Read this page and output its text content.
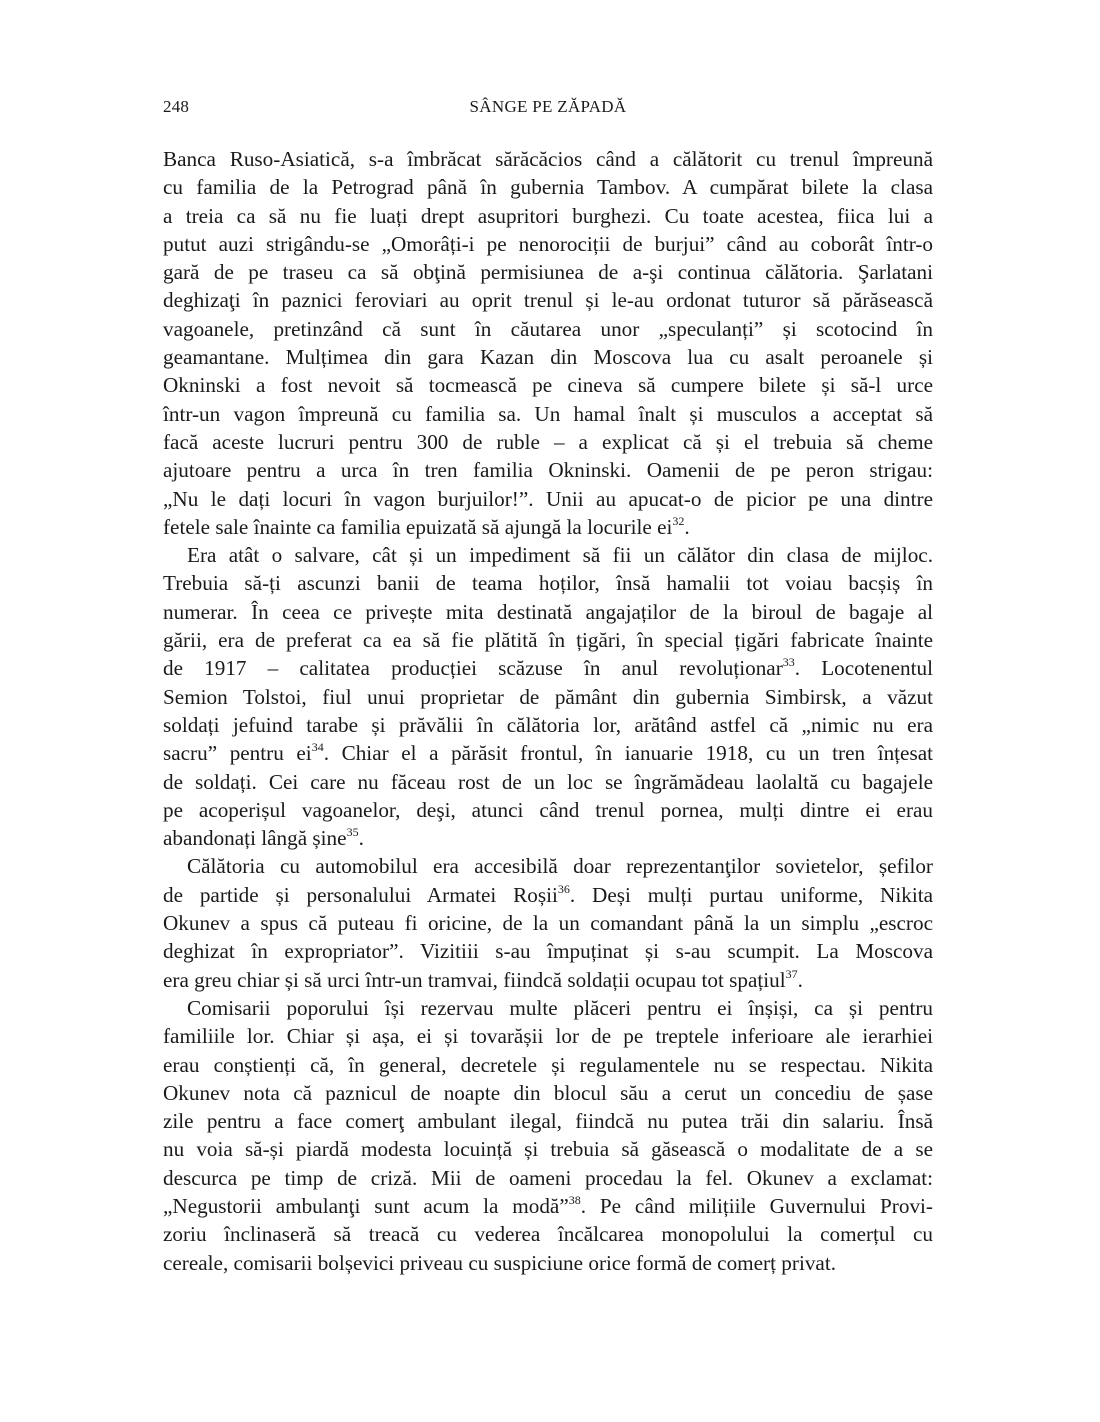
248	SÂNGE PE ZĂPADĂ
Banca Ruso-Asiatică, s-a îmbrăcat sărăcăcios când a călătorit cu trenul împreună
cu familia de la Petrograd până în gubernia Tambov. A cumpărat bilete la clasa
a treia ca să nu fie luați drept asupritori burghezi. Cu toate acestea, fiica lui a
putut auzi strigându-se „Omorâți-i pe nenorociții de burjui” când au coborât într-o
gară de pe traseu ca să obţină permisiunea de a-şi continua călătoria. Şarlatani
deghizaţi în paznici feroviari au oprit trenul și le-au ordonat tuturor să părăsească
vagoanele, pretinzând că sunt în căutarea unor „speculanți” și scotocind în
geamantane. Mulțimea din gara Kazan din Moscova lua cu asalt peroanele și
Okninski a fost nevoit să tocmească pe cineva să cumpere bilete și să-l urce
într-un vagon împreună cu familia sa. Un hamal înalt și musculos a acceptat să
facă aceste lucruri pentru 300 de ruble – a explicat că și el trebuia să cheme
ajutoare pentru a urca în tren familia Okninski. Oamenii de pe peron strigau:
„Nu le dați locuri în vagon burjuilor!”. Unii au apucat-o de picior pe una dintre
fetele sale înainte ca familia epuizată să ajungă la locurile $ei^{32}$.
Era atât o salvare, cât și un impediment să fii un călător din clasa de mijloc.
Trebuia să-ți ascunzi banii de teama hoților, însă hamalii tot voiau bacșiș în
numerar. În ceea ce privește mita destinată angajaților de la biroul de bagaje al
gării, era de preferat ca ea să fie plătită în țigări, în special țigări fabricate înainte
de 1917 – calitatea producției scăzuse în anul revoluționar$^{33}$. Locotenentul
Semion Tolstoi, fiul unui proprietar de pământ din gubernia Simbirsk, a văzut
soldați jefuind tarabe și prăvălii în călătoria lor, arătând astfel că „nimic nu era
sacru” pentru $ei^{34}$. Chiar el a părăsit frontul, în ianuarie 1918, cu un tren înțesat
de soldați. Cei care nu făceau rost de un loc se îngrămădeau laolaltă cu bagajele
pe acoperișul vagoanelor, deşi, atunci când trenul pornea, mulți dintre ei erau
abandonați lângă șine$^{35}$.
Călătoria cu automobilul era accesibilă doar reprezentanţilor sovietelor, șefilor
de partide și personalului Armatei Roșii$^{36}$. Deși mulți purtau uniforme, Nikita
Okunev a spus că puteau fi oricine, de la un comandant până la un simplu „escroc
deghizat în expropriator”. Vizitiii s-au împuținat și s-au scumpit. La Moscova
era greu chiar și să urci într-un tramvai, fiindcă soldații ocupau tot spațiul$^{37}$.
Comisarii poporului își rezervau multe plăceri pentru ei înșiși, ca și pentru
familiile lor. Chiar și așa, ei și tovarășii lor de pe treptele inferioare ale ierarhiei
erau conștienți că, în general, decretele și regulamentele nu se respectau. Nikita
Okunev nota că paznicul de noapte din blocul său a cerut un concediu de șase
zile pentru a face comerţ ambulant ilegal, fiindcă nu putea trăi din salariu. Însă
nu voia să-și piardă modesta locuință și trebuia să găsească o modalitate de a se
descurca pe timp de criză. Mii de oameni procedau la fel. Okunev a exclamat:
„Negustorii ambulanţi sunt acum la modă”$^{38}$. Pe când milițiile Guvernului Provi-
zoriu înclinaseră să treacă cu vederea încălcarea monopolului la comerțul cu
cereale, comisarii bolșevici priveau cu suspiciune orice formă de comerț privat.
